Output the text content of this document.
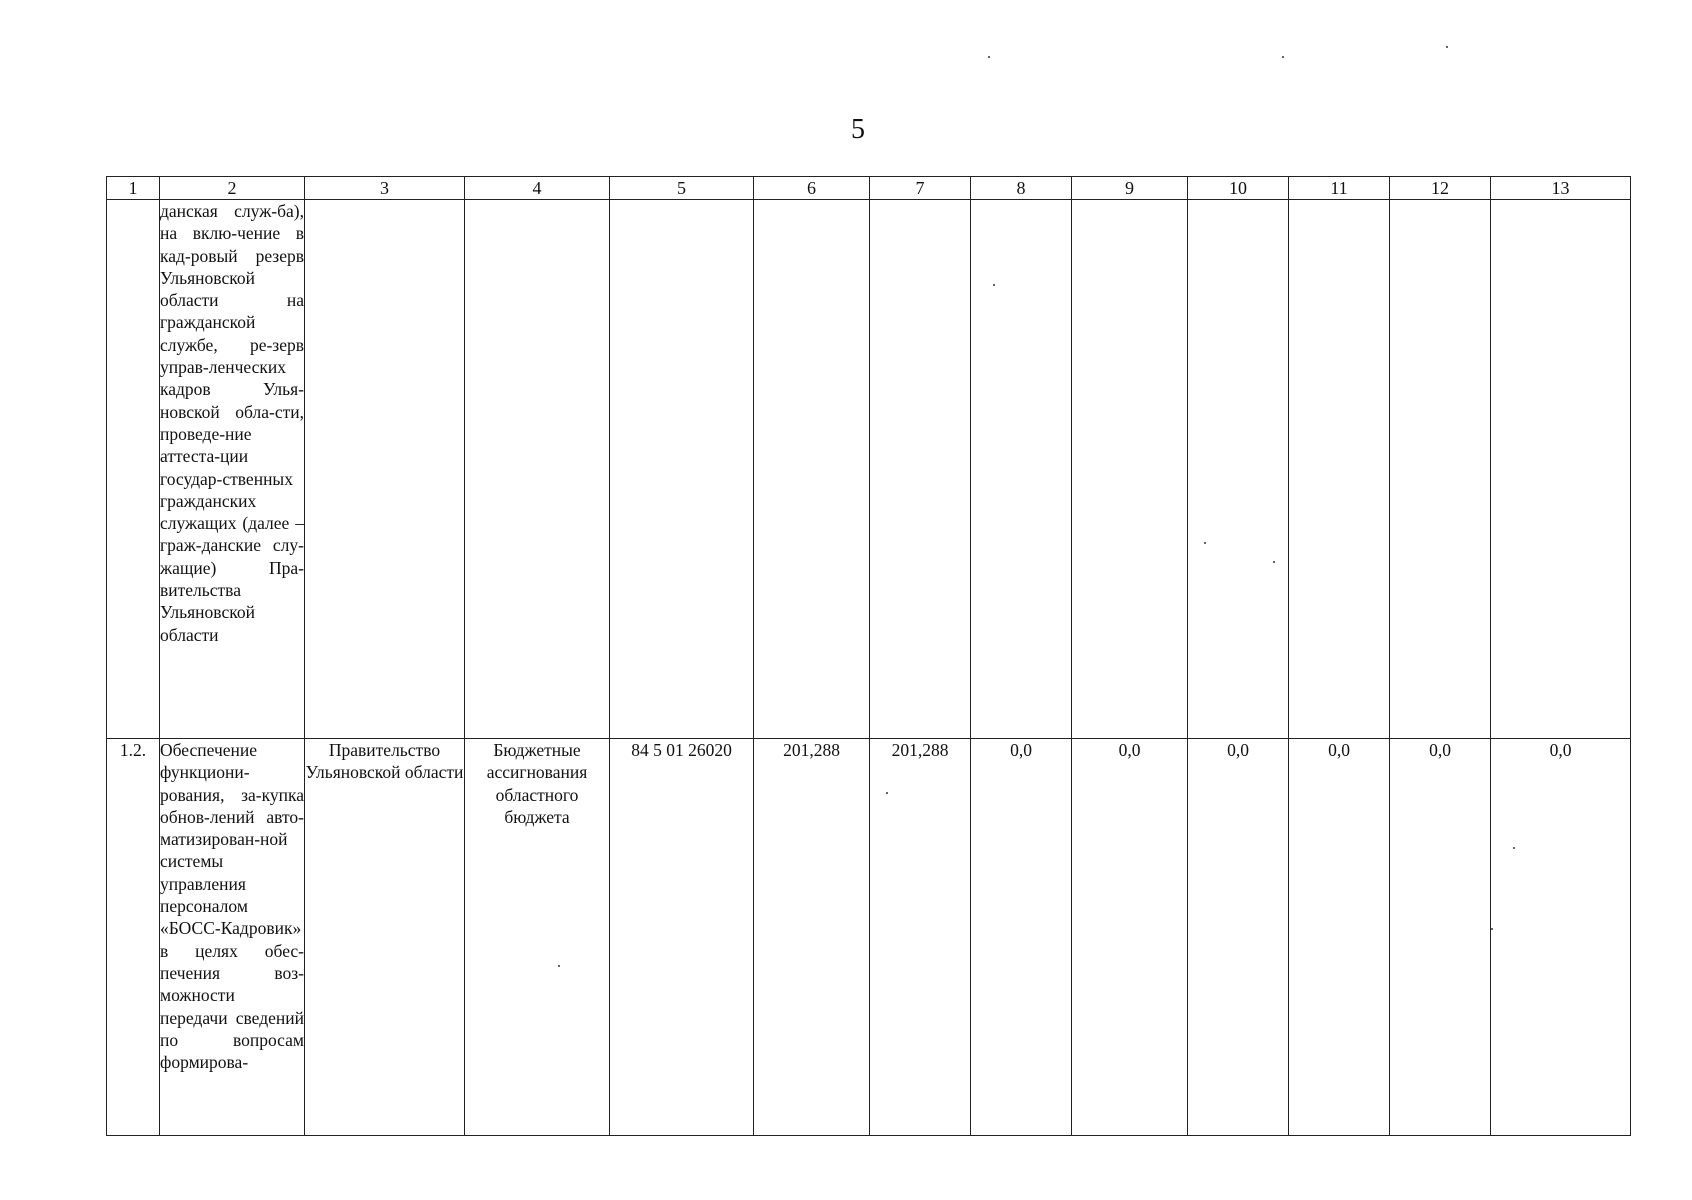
5
1	2	3	4	5	6	7	8	9	10	11	12	13
	данская служ-ба), на вклю-чение в кад-ровый резерв Ульяновской области на гражданской службе, ре-зерв управ-ленческих кадров Улья-новской обла-сти, проведе-ние аттеста-ции государ-ственных гражданских служащих (далее – граж-данские слу-жащие) Пра-вительства Ульяновской области											
1.2.	Обеспечение функциони-рования, за-купка обнов-лений авто-матизирован-ной системы управления персоналом «БОСС-Кадровик» в целях обес-печения воз-можности передачи сведений по вопросам формирова-	Правительство Ульяновской области	Бюджетные ассигнования областного бюджета	84 5 01 26020	201,288	201,288	0,0	0,0	0,0	0,0	0,0	0,0
